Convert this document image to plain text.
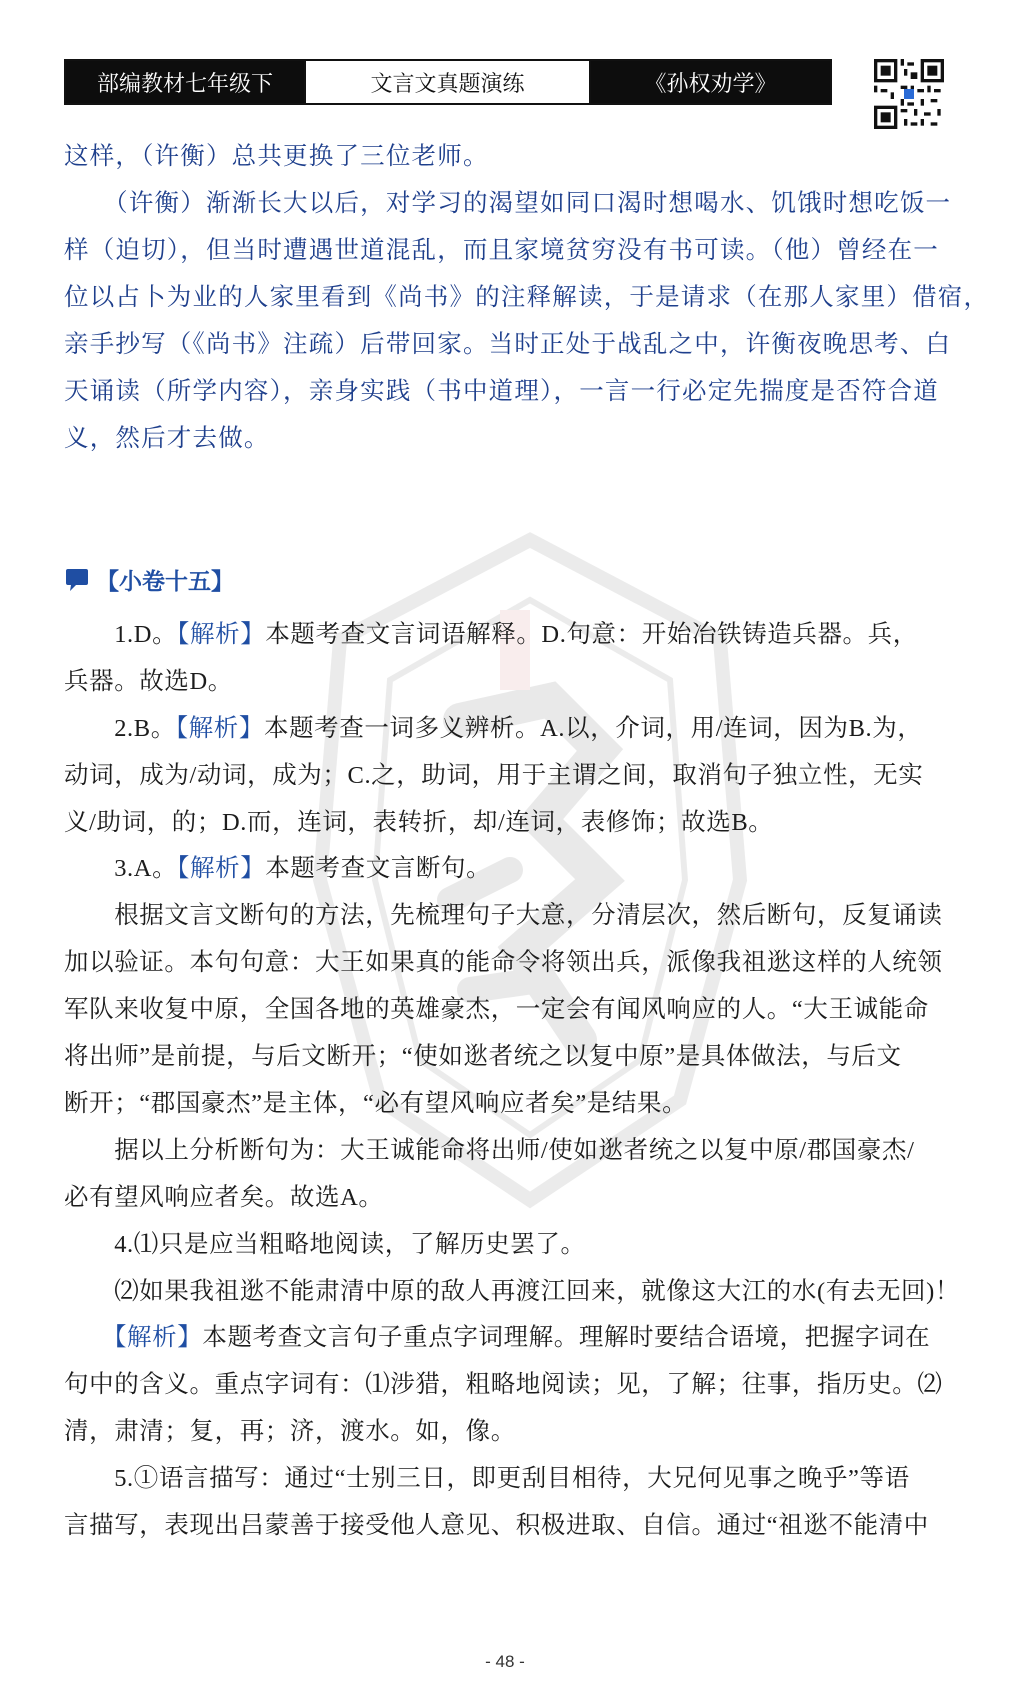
部编教材七年级下	文言文真题演练	《孙权劝学》
这样，（许衡）总共更换了三位老师。
　　（许衡）渐渐长大以后，对学习的渴望如同口渴时想喝水、饥饿时想吃饭一
样（迫切），但当时遭遇世道混乱，而且家境贫穷没有书可读。（他）曾经在一
位以占卜为业的人家里看到《尚书》的注释解读，于是请求（在那人家里）借宿，
亲手抄写（《尚书》注疏）后带回家。当时正处于战乱之中，许衡夜晚思考、白
天诵读（所学内容），亲身实践（书中道理），一言一行必定先揣度是否符合道
义，然后才去做。
【小卷十五】
　　1.D。【解析】本题考查文言词语解释。D.句意：开始冶铁铸造兵器。兵，
兵器。故选D。
　　2.B。【解析】本题考查一词多义辨析。A.以，介词，用/连词，因为B.为，
动词，成为/动词，成为；C.之，助词，用于主谓之间，取消句子独立性，无实
义/助词，的；D.而，连词，表转折，却/连词，表修饰；故选B。
　　3.A。【解析】本题考查文言断句。
　　根据文言文断句的方法，先梳理句子大意，分清层次，然后断句，反复诵读
加以验证。本句句意：大王如果真的能命令将领出兵，派像我祖逖这样的人统领
军队来收复中原，全国各地的英雄豪杰，一定会有闻风响应的人。“大王诚能命
将出师”是前提，与后文断开；“使如逖者统之以复中原”是具体做法，与后文
断开；“郡国豪杰”是主体，“必有望风响应者矣”是结果。
　　据以上分析断句为：大王诚能命将出师/使如逖者统之以复中原/郡国豪杰/
必有望风响应者矣。故选A。
　　4.⑴只是应当粗略地阅读，了解历史罢了。
　　⑵如果我祖逖不能肃清中原的敌人再渡江回来，就像这大江的水(有去无回)！
　　【解析】本题考查文言句子重点字词理解。理解时要结合语境，把握字词在
句中的含义。重点字词有：⑴涉猎，粗略地阅读；见，了解；往事，指历史。⑵
清，肃清；复，再；济，渡水。如，像。
　　5.①语言描写：通过“士别三日，即更刮目相待，大兄何见事之晚乎”等语
言描写，表现出吕蒙善于接受他人意见、积极进取、自信。通过“祖逖不能清中
- 48 -
